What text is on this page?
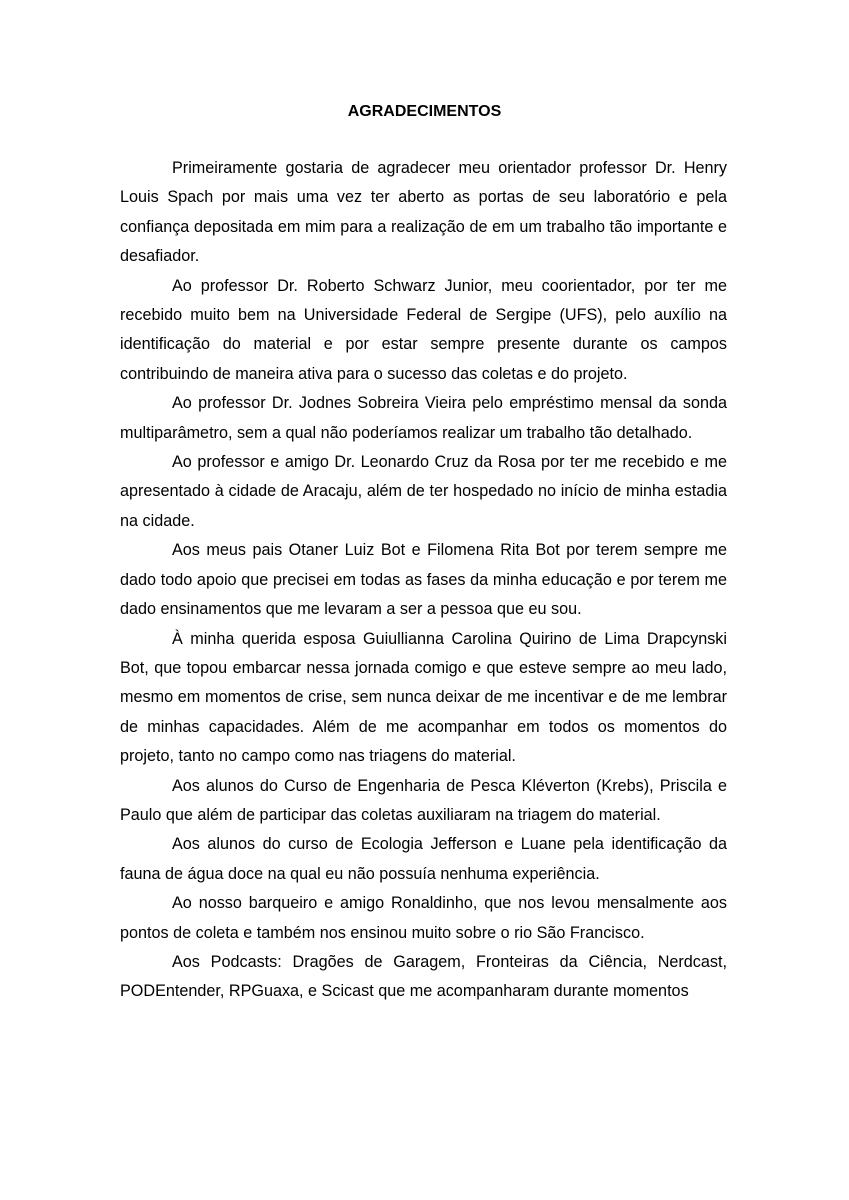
AGRADECIMENTOS

Primeiramente gostaria de agradecer meu orientador professor Dr. Henry Louis Spach por mais uma vez ter aberto as portas de seu laboratório e pela confiança depositada em mim para a realização de em um trabalho tão importante e desafiador.

Ao professor Dr. Roberto Schwarz Junior, meu coorientador, por ter me recebido muito bem na Universidade Federal de Sergipe (UFS), pelo auxílio na identificação do material e por estar sempre presente durante os campos contribuindo de maneira ativa para o sucesso das coletas e do projeto.

Ao professor Dr. Jodnes Sobreira Vieira pelo empréstimo mensal da sonda multiparâmetro, sem a qual não poderíamos realizar um trabalho tão detalhado.

Ao professor e amigo Dr. Leonardo Cruz da Rosa por ter me recebido e me apresentado à cidade de Aracaju, além de ter hospedado no início de minha estadia na cidade.

Aos meus pais Otaner Luiz Bot e Filomena Rita Bot por terem sempre me dado todo apoio que precisei em todas as fases da minha educação e por terem me dado ensinamentos que me levaram a ser a pessoa que eu sou.

À minha querida esposa Guiullianna Carolina Quirino de Lima Drapcynski Bot, que topou embarcar nessa jornada comigo e que esteve sempre ao meu lado, mesmo em momentos de crise, sem nunca deixar de me incentivar e de me lembrar de minhas capacidades. Além de me acompanhar em todos os momentos do projeto, tanto no campo como nas triagens do material.

Aos alunos do Curso de Engenharia de Pesca Kléverton (Krebs), Priscila e Paulo que além de participar das coletas auxiliaram na triagem do material.

Aos alunos do curso de Ecologia Jefferson e Luane pela identificação da fauna de água doce na qual eu não possuía nenhuma experiência.

Ao nosso barqueiro e amigo Ronaldinho, que nos levou mensalmente aos pontos de coleta e também nos ensinou muito sobre o rio São Francisco.

Aos Podcasts: Dragões de Garagem, Fronteiras da Ciência, Nerdcast, PODEntender, RPGuaxa, e Scicast que me acompanharam durante momentos
